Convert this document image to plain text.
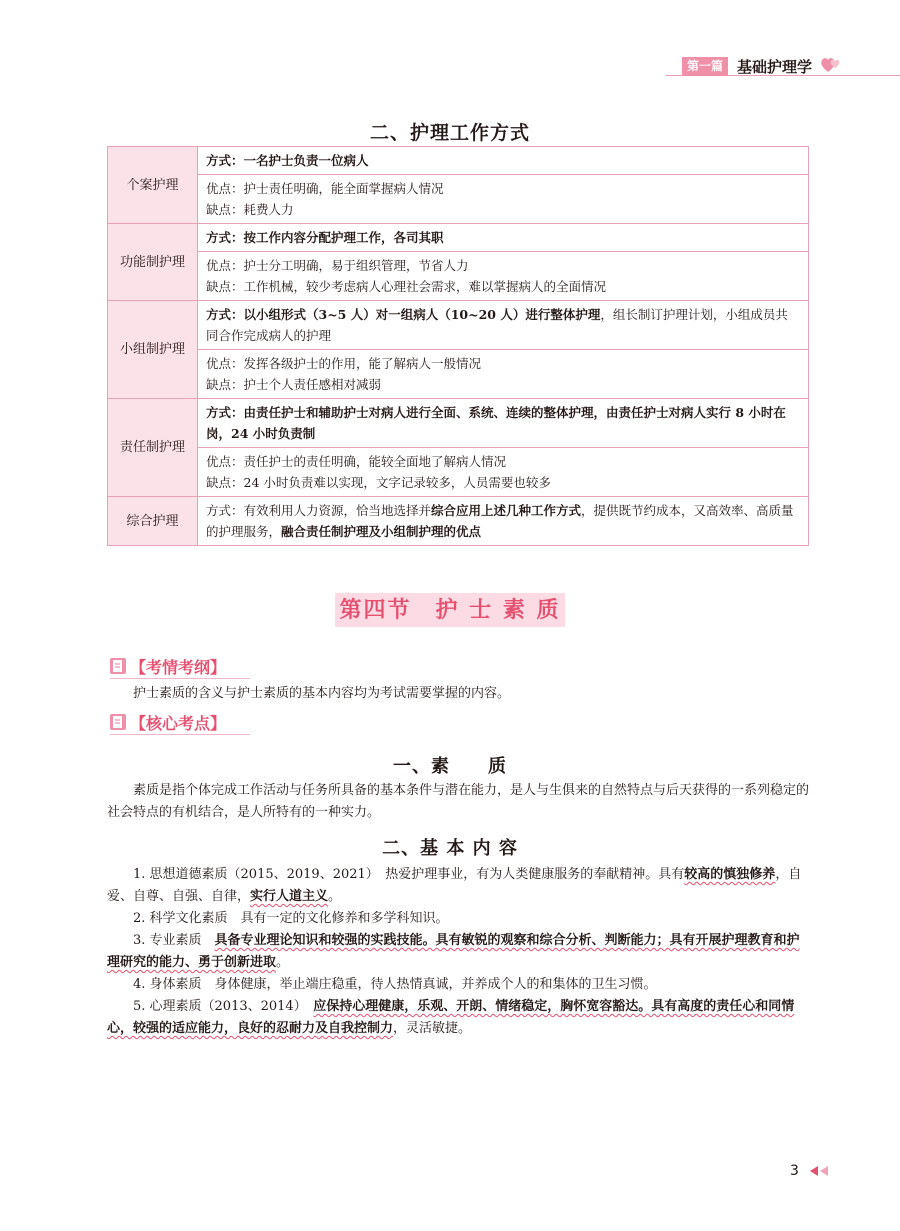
第一篇 基础护理学
二、护理工作方式
个案护理	方式：一名护士负责一位病人

	优点：护士责任明确，能全面掌握病人情况
缺点：耗费人力

功能制护理	方式：按工作内容分配护理工作，各司其职

	优点：护士分工明确，易于组织管理，节省人力
缺点：工作机械，较少考虑病人心理社会需求，难以掌握病人的全面情况

小组制护理	方式：以小组形式（3~5 人）对一组病人（10~20 人）进行整体护理，组长制订护理计划，小组成员共同合作完成病人的护理

	优点：发挥各级护士的作用，能了解病人一般情况
缺点：护士个人责任感相对减弱

责任制护理	方式：由责任护士和辅助护士对病人进行全面、系统、连续的整体护理，由责任护士对病人实行 8 小时在岗，24 小时负责制

	优点：责任护士的责任明确，能较全面地了解病人情况
缺点：24 小时负责难以实现，文字记录较多，人员需要也较多

综合护理	方式：有效利用人力资源，恰当地选择并综合应用上述几种工作方式，提供既节约成本，又高效率、高质量的护理服务，融合责任制护理及小组制护理的优点
第四节　护 士 素 质
【考情考纲】
护士素质的含义与护士素质的基本内容均为考试需要掌握的内容。
【核心考点】
一、素　　质
素质是指个体完成工作活动与任务所具备的基本条件与潜在能力，是人与生俱来的自然特点与后天获得的一系列稳定的社会特点的有机结合，是人所特有的一种实力。
二、基 本 内 容
1. 思想道德素质（2015、2019、2021）　热爱护理事业，有为人类健康服务的奉献精神。具有较高的慎独修养，自爱、自尊、自强、自律，实行人道主义。
2. 科学文化素质　具有一定的文化修养和多学科知识。
3. 专业素质　具备专业理论知识和较强的实践技能。具有敏锐的观察和综合分析、判断能力；具有开展护理教育和护理研究的能力、勇于创新进取。
4. 身体素质　身体健康，举止端庄稳重，待人热情真诚，并养成个人的和集体的卫生习惯。
5. 心理素质（2013、2014）　应保持心理健康，乐观、开朗、情绪稳定，胸怀宽容豁达。具有高度的责任心和同情心，较强的适应能力，良好的忍耐力及自我控制力，灵活敏捷。
3
